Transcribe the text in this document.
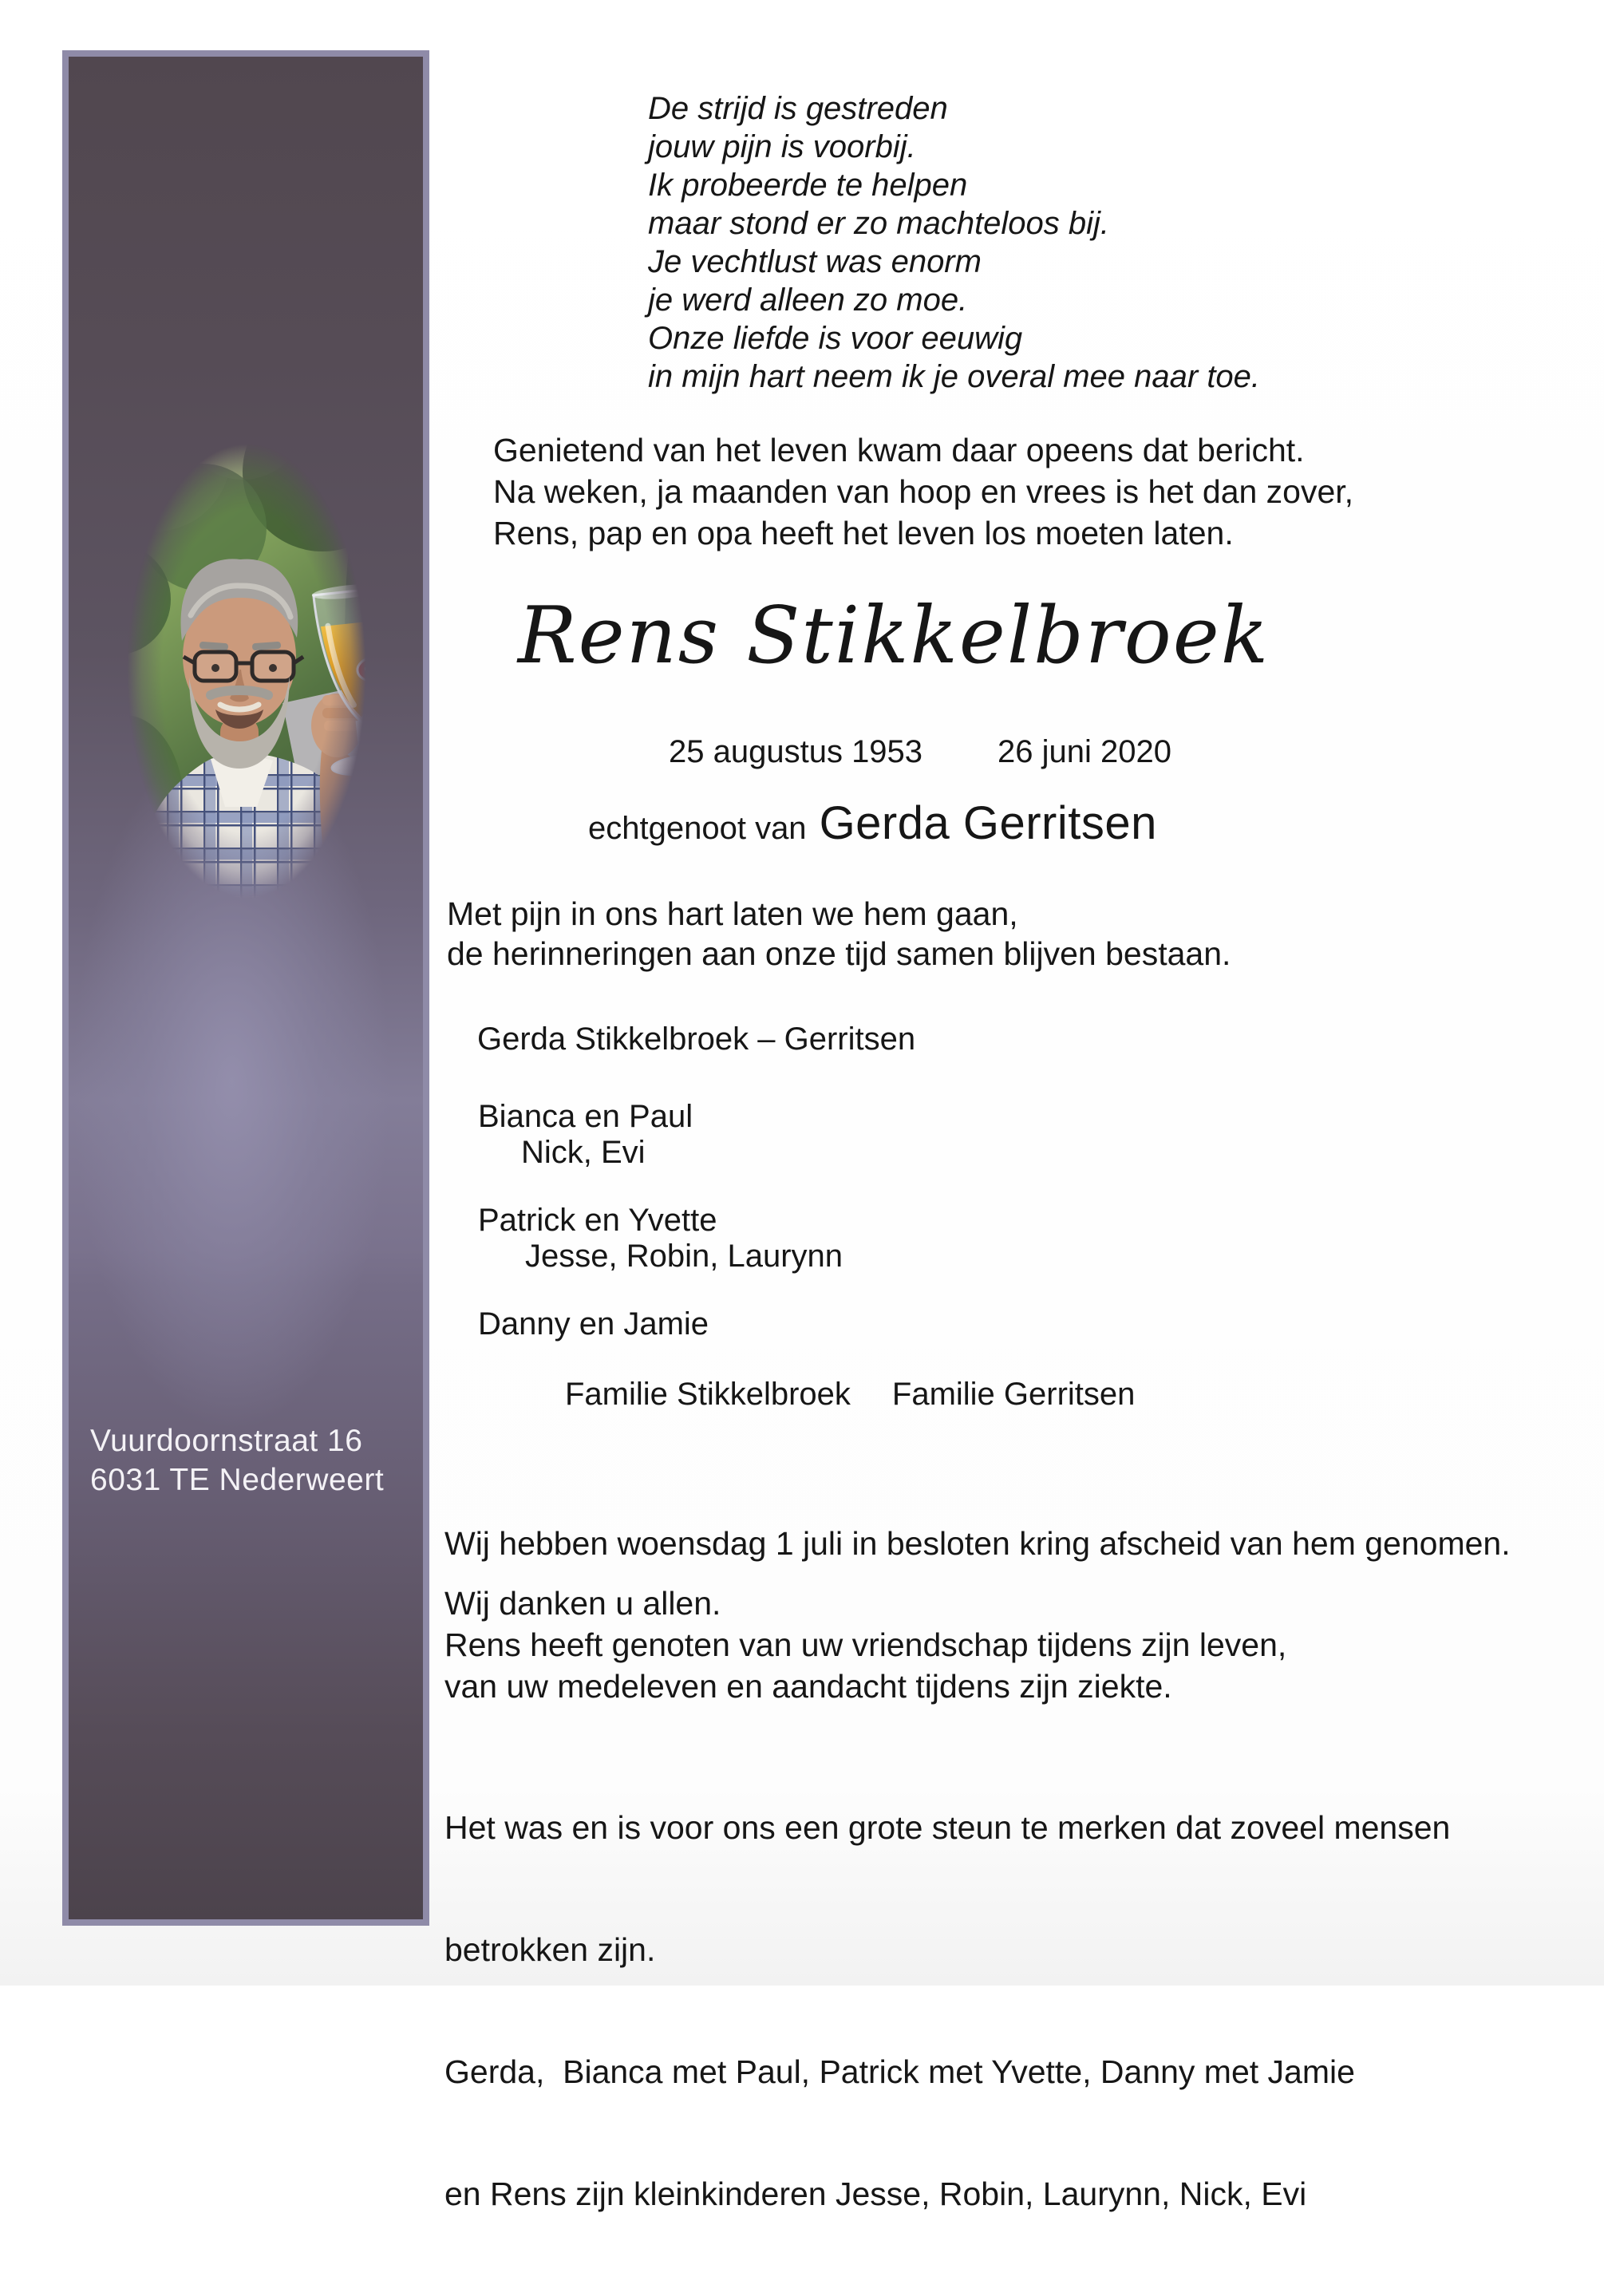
Vuurdoornstraat 16
6031 TE Nederweert
De strijd is gestreden
jouw pijn is voorbij.
Ik probeerde te helpen
maar stond er zo machteloos bij.
Je vechtlust was enorm
je werd alleen zo moe.
Onze liefde is voor eeuwig
in mijn hart neem ik je overal mee naar toe.
Genietend van het leven kwam daar opeens dat bericht.
Na weken, ja maanden van hoop en vrees is het dan zover,
Rens, pap en opa heeft het leven los moeten laten.
Rens Stikkelbroek
25 augustus 1953 26 juni 2020
echtgenoot van Gerda Gerritsen
Met pijn in ons hart laten we hem gaan,
de herinneringen aan onze tijd samen blijven bestaan.
Gerda Stikkelbroek – Gerritsen
Bianca en Paul
Nick, Evi
Patrick en Yvette
Jesse, Robin, Laurynn
Danny en Jamie
Familie Stikkelbroek Familie Gerritsen
Wij hebben woensdag 1 juli in besloten kring afscheid van hem genomen.
Wij danken u allen.
Rens heeft genoten van uw vriendschap tijdens zijn leven,
van uw medeleven en aandacht tijdens zijn ziekte.

Het was en is voor ons een grote steun te merken dat zoveel mensen

betrokken zijn.

Gerda,  Bianca met Paul, Patrick met Yvette, Danny met Jamie

en Rens zijn kleinkinderen Jesse, Robin, Laurynn, Nick, Evi
